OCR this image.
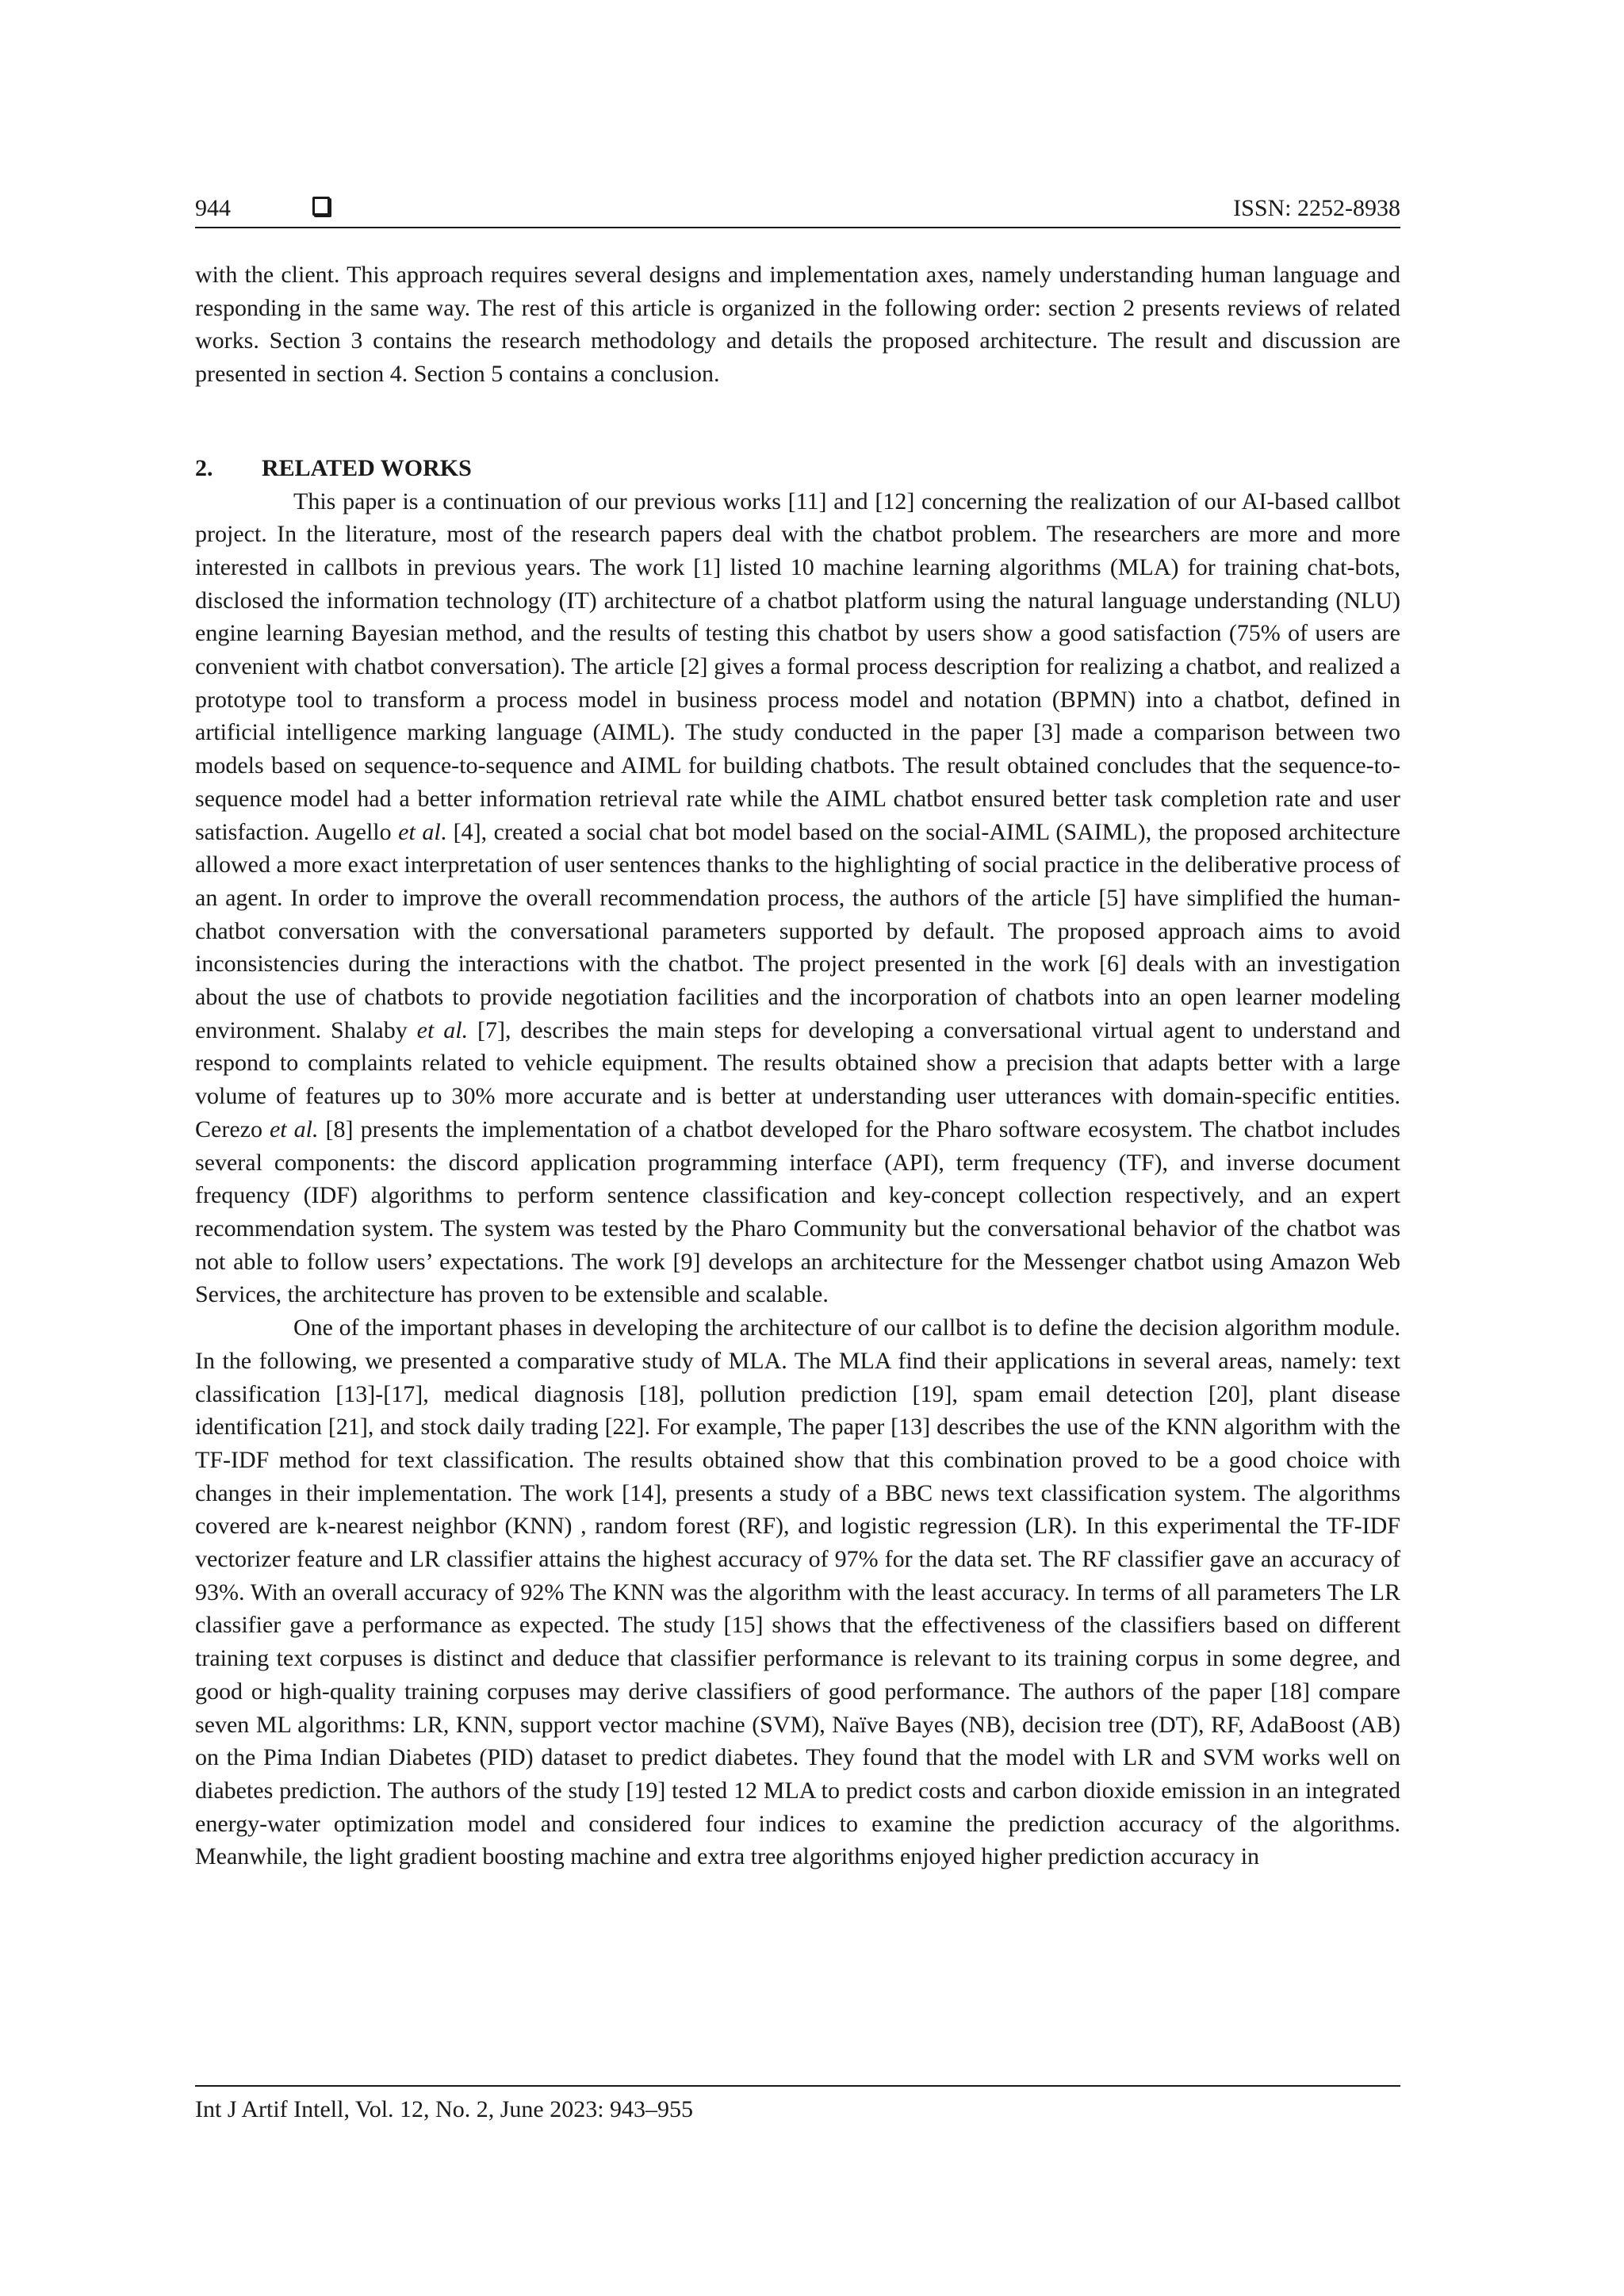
944	ISSN: 2252-8938

with the client. This approach requires several designs and implementation axes, namely understanding human language and responding in the same way. The rest of this article is organized in the following order: section 2 presents reviews of related works. Section 3 contains the research methodology and details the proposed architecture. The result and discussion are presented in section 4. Section 5 contains a conclusion.

2. RELATED WORKS

This paper is a continuation of our previous works [11] and [12] concerning the realization of our AI-based callbot project. In the literature, most of the research papers deal with the chatbot problem. The researchers are more and more interested in callbots in previous years. The work [1] listed 10 machine learning algorithms (MLA) for training chat-bots, disclosed the information technology (IT) architecture of a chatbot platform using the natural language understanding (NLU) engine learning Bayesian method, and the results of testing this chatbot by users show a good satisfaction (75% of users are convenient with chatbot conversation). The article [2] gives a formal process description for realizing a chatbot, and realized a prototype tool to transform a process model in business process model and notation (BPMN) into a chatbot, defined in artificial intelligence marking language (AIML). The study conducted in the paper [3] made a comparison between two models based on sequence-to-sequence and AIML for building chatbots. The result obtained concludes that the sequence-to-sequence model had a better information retrieval rate while the AIML chatbot ensured better task completion rate and user satisfaction. Augello et al. [4], created a social chat bot model based on the social-AIML (SAIML), the proposed architecture allowed a more exact interpretation of user sentences thanks to the highlighting of social practice in the deliberative process of an agent. In order to improve the overall recommendation process, the authors of the article [5] have simplified the human-chatbot conversation with the conversational parameters supported by default. The proposed approach aims to avoid inconsistencies during the interactions with the chatbot. The project presented in the work [6] deals with an investigation about the use of chatbots to provide negotiation facilities and the incorporation of chatbots into an open learner modeling environment. Shalaby et al. [7], describes the main steps for developing a conversational virtual agent to understand and respond to complaints related to vehicle equipment. The results obtained show a precision that adapts better with a large volume of features up to 30% more accurate and is better at understanding user utterances with domain-specific entities. Cerezo et al. [8] presents the implementation of a chatbot developed for the Pharo software ecosystem. The chatbot includes several components: the discord application programming interface (API), term frequency (TF), and inverse document frequency (IDF) algorithms to perform sentence classification and key-concept collection respectively, and an expert recommendation system. The system was tested by the Pharo Community but the conversational behavior of the chatbot was not able to follow users’ expectations. The work [9] develops an architecture for the Messenger chatbot using Amazon Web Services, the architecture has proven to be extensible and scalable.

One of the important phases in developing the architecture of our callbot is to define the decision algorithm module. In the following, we presented a comparative study of MLA. The MLA find their applications in several areas, namely: text classification [13]-[17], medical diagnosis [18], pollution prediction [19], spam email detection [20], plant disease identification [21], and stock daily trading [22]. For example, The paper [13] describes the use of the KNN algorithm with the TF-IDF method for text classification. The results obtained show that this combination proved to be a good choice with changes in their implementation. The work [14], presents a study of a BBC news text classification system. The algorithms covered are k-nearest neighbor (KNN) , random forest (RF), and logistic regression (LR). In this experimental the TF-IDF vectorizer feature and LR classifier attains the highest accuracy of 97% for the data set. The RF classifier gave an accuracy of 93%. With an overall accuracy of 92% The KNN was the algorithm with the least accuracy. In terms of all parameters The LR classifier gave a performance as expected. The study [15] shows that the effectiveness of the classifiers based on different training text corpuses is distinct and deduce that classifier performance is relevant to its training corpus in some degree, and good or high-quality training corpuses may derive classifiers of good performance. The authors of the paper [18] compare seven ML algorithms: LR, KNN, support vector machine (SVM), Naïve Bayes (NB), decision tree (DT), RF, AdaBoost (AB) on the Pima Indian Diabetes (PID) dataset to predict diabetes. They found that the model with LR and SVM works well on diabetes prediction. The authors of the study [19] tested 12 MLA to predict costs and carbon dioxide emission in an integrated energy-water optimization model and considered four indices to examine the prediction accuracy of the algorithms. Meanwhile, the light gradient boosting machine and extra tree algorithms enjoyed higher prediction accuracy in

Int J Artif Intell, Vol. 12, No. 2, June 2023: 943–955
